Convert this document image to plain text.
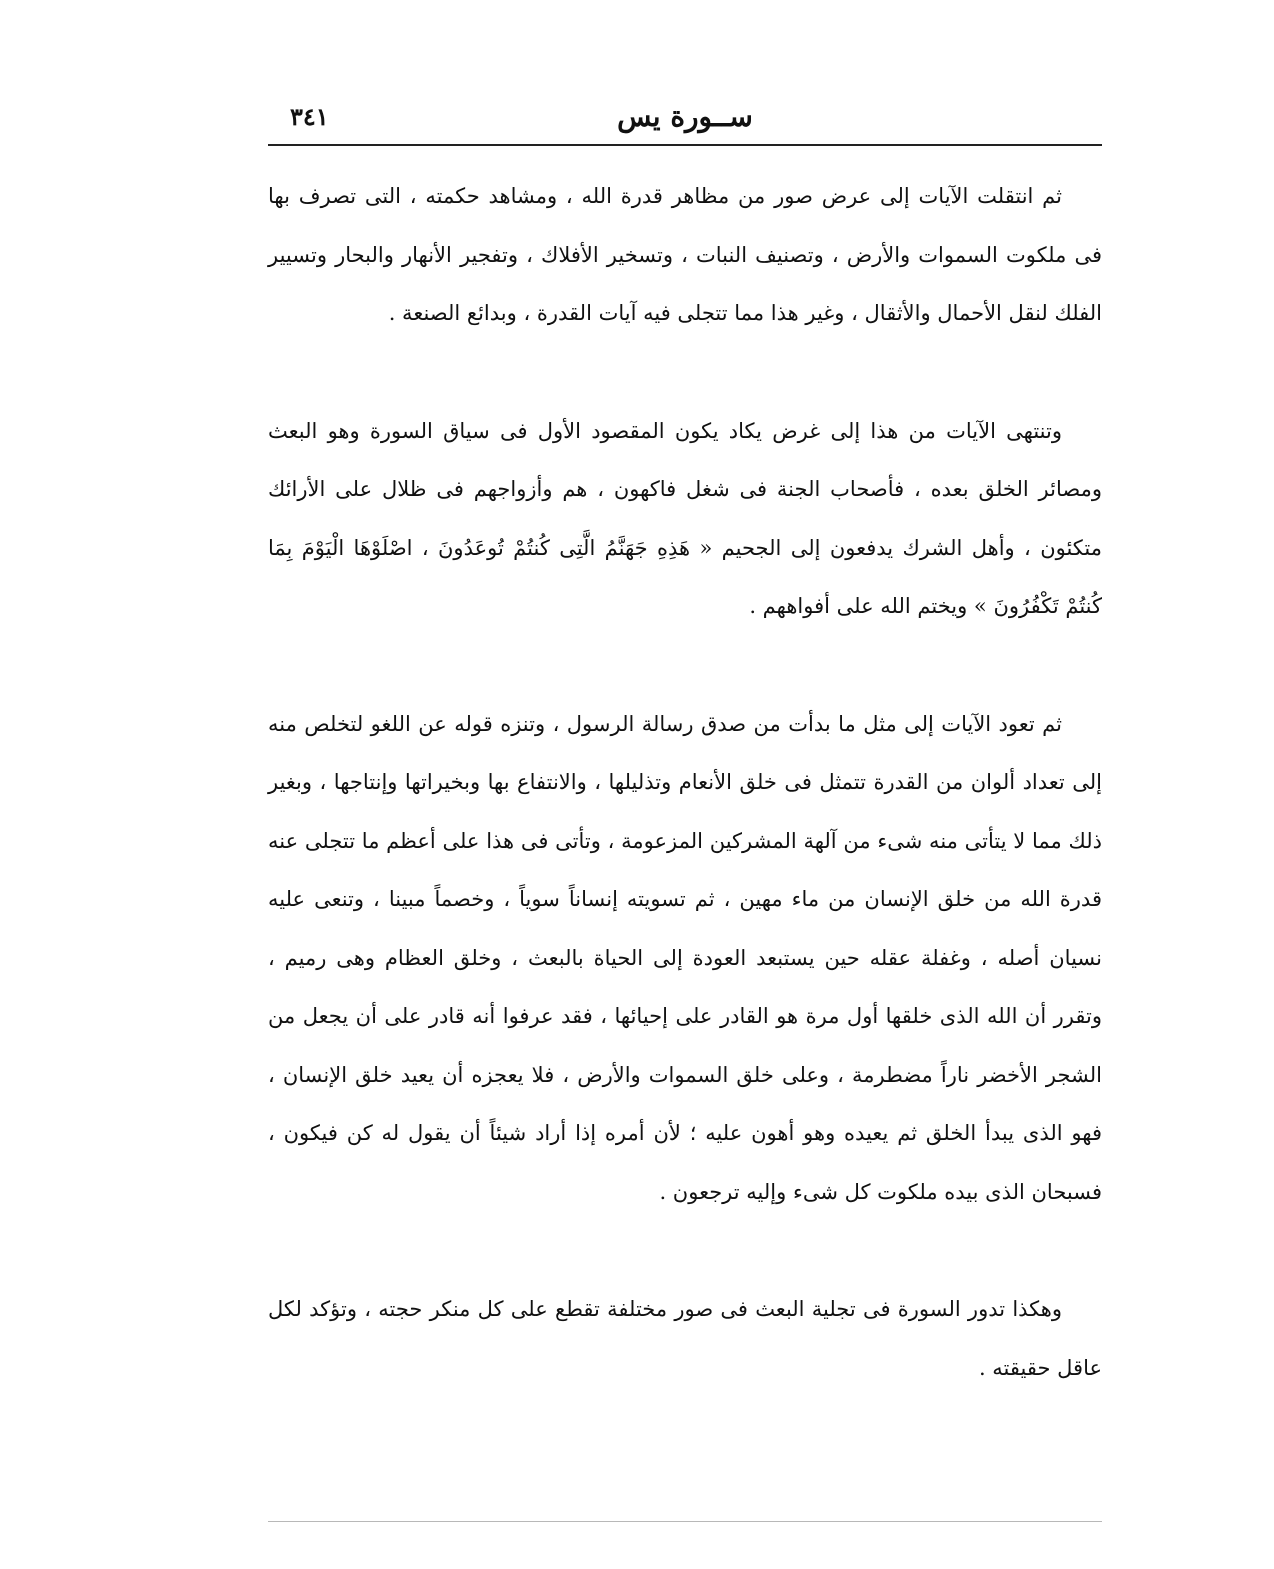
٣٤١	ســورة يس

ثم انتقلت الآيات إلى عرض صور من مظاهر قدرة الله ، ومشاهد حكمته ، التى تصرف بها فى ملكوت السموات والأرض ، وتصنيف النبات ، وتسخير الأفلاك ، وتفجير الأنهار والبحار وتسيير الفلك لنقل الأحمال والأثقال ، وغير هذا مما تتجلى فيه آيات القدرة ، وبدائع الصنعة .

وتنتهى الآيات من هذا إلى غرض يكاد يكون المقصود الأول فى سياق السورة وهو البعث ومصائر الخلق بعده ، فأصحاب الجنة فى شغل فاكهون ، هم وأزواجهم فى ظلال على الأرائك متكئون ، وأهل الشرك يدفعون إلى الجحيم « هَذِهِ جَهَنَّمُ الَّتِى كُنتُمْ تُوعَدُونَ ، اصْلَوْهَا الْيَوْمَ بِمَا كُنتُمْ تَكْفُرُونَ » ويختم الله على أفواههم .

ثم تعود الآيات إلى مثل ما بدأت من صدق رسالة الرسول ، وتنزه قوله عن اللغو لتخلص منه إلى تعداد ألوان من القدرة تتمثل فى خلق الأنعام وتذليلها ، والانتفاع بها وبخيراتها وإنتاجها ، وبغير ذلك مما لا يتأتى منه شىء من آلهة المشركين المزعومة ، وتأتى فى هذا على أعظم ما تتجلى عنه قدرة الله من خلق الإنسان من ماء مهين ، ثم تسويته إنساناً سوياً ، وخصماً مبينا ، وتنعى عليه نسيان أصله ، وغفلة عقله حين يستبعد العودة إلى الحياة بالبعث ، وخلق العظام وهى رميم ، وتقرر أن الله الذى خلقها أول مرة هو القادر على إحيائها ، فقد عرفوا أنه قادر على أن يجعل من الشجر الأخضر ناراً مضطرمة ، وعلى خلق السموات والأرض ، فلا يعجزه أن يعيد خلق الإنسان ، فهو الذى يبدأ الخلق ثم يعيده وهو أهون عليه ؛ لأن أمره إذا أراد شيئاً أن يقول له كن فيكون ، فسبحان الذى بيده ملكوت كل شىء وإليه ترجعون .

وهكذا تدور السورة فى تجلية البعث فى صور مختلفة تقطع على كل منكر حجته ، وتؤكد لكل عاقل حقيقته .
